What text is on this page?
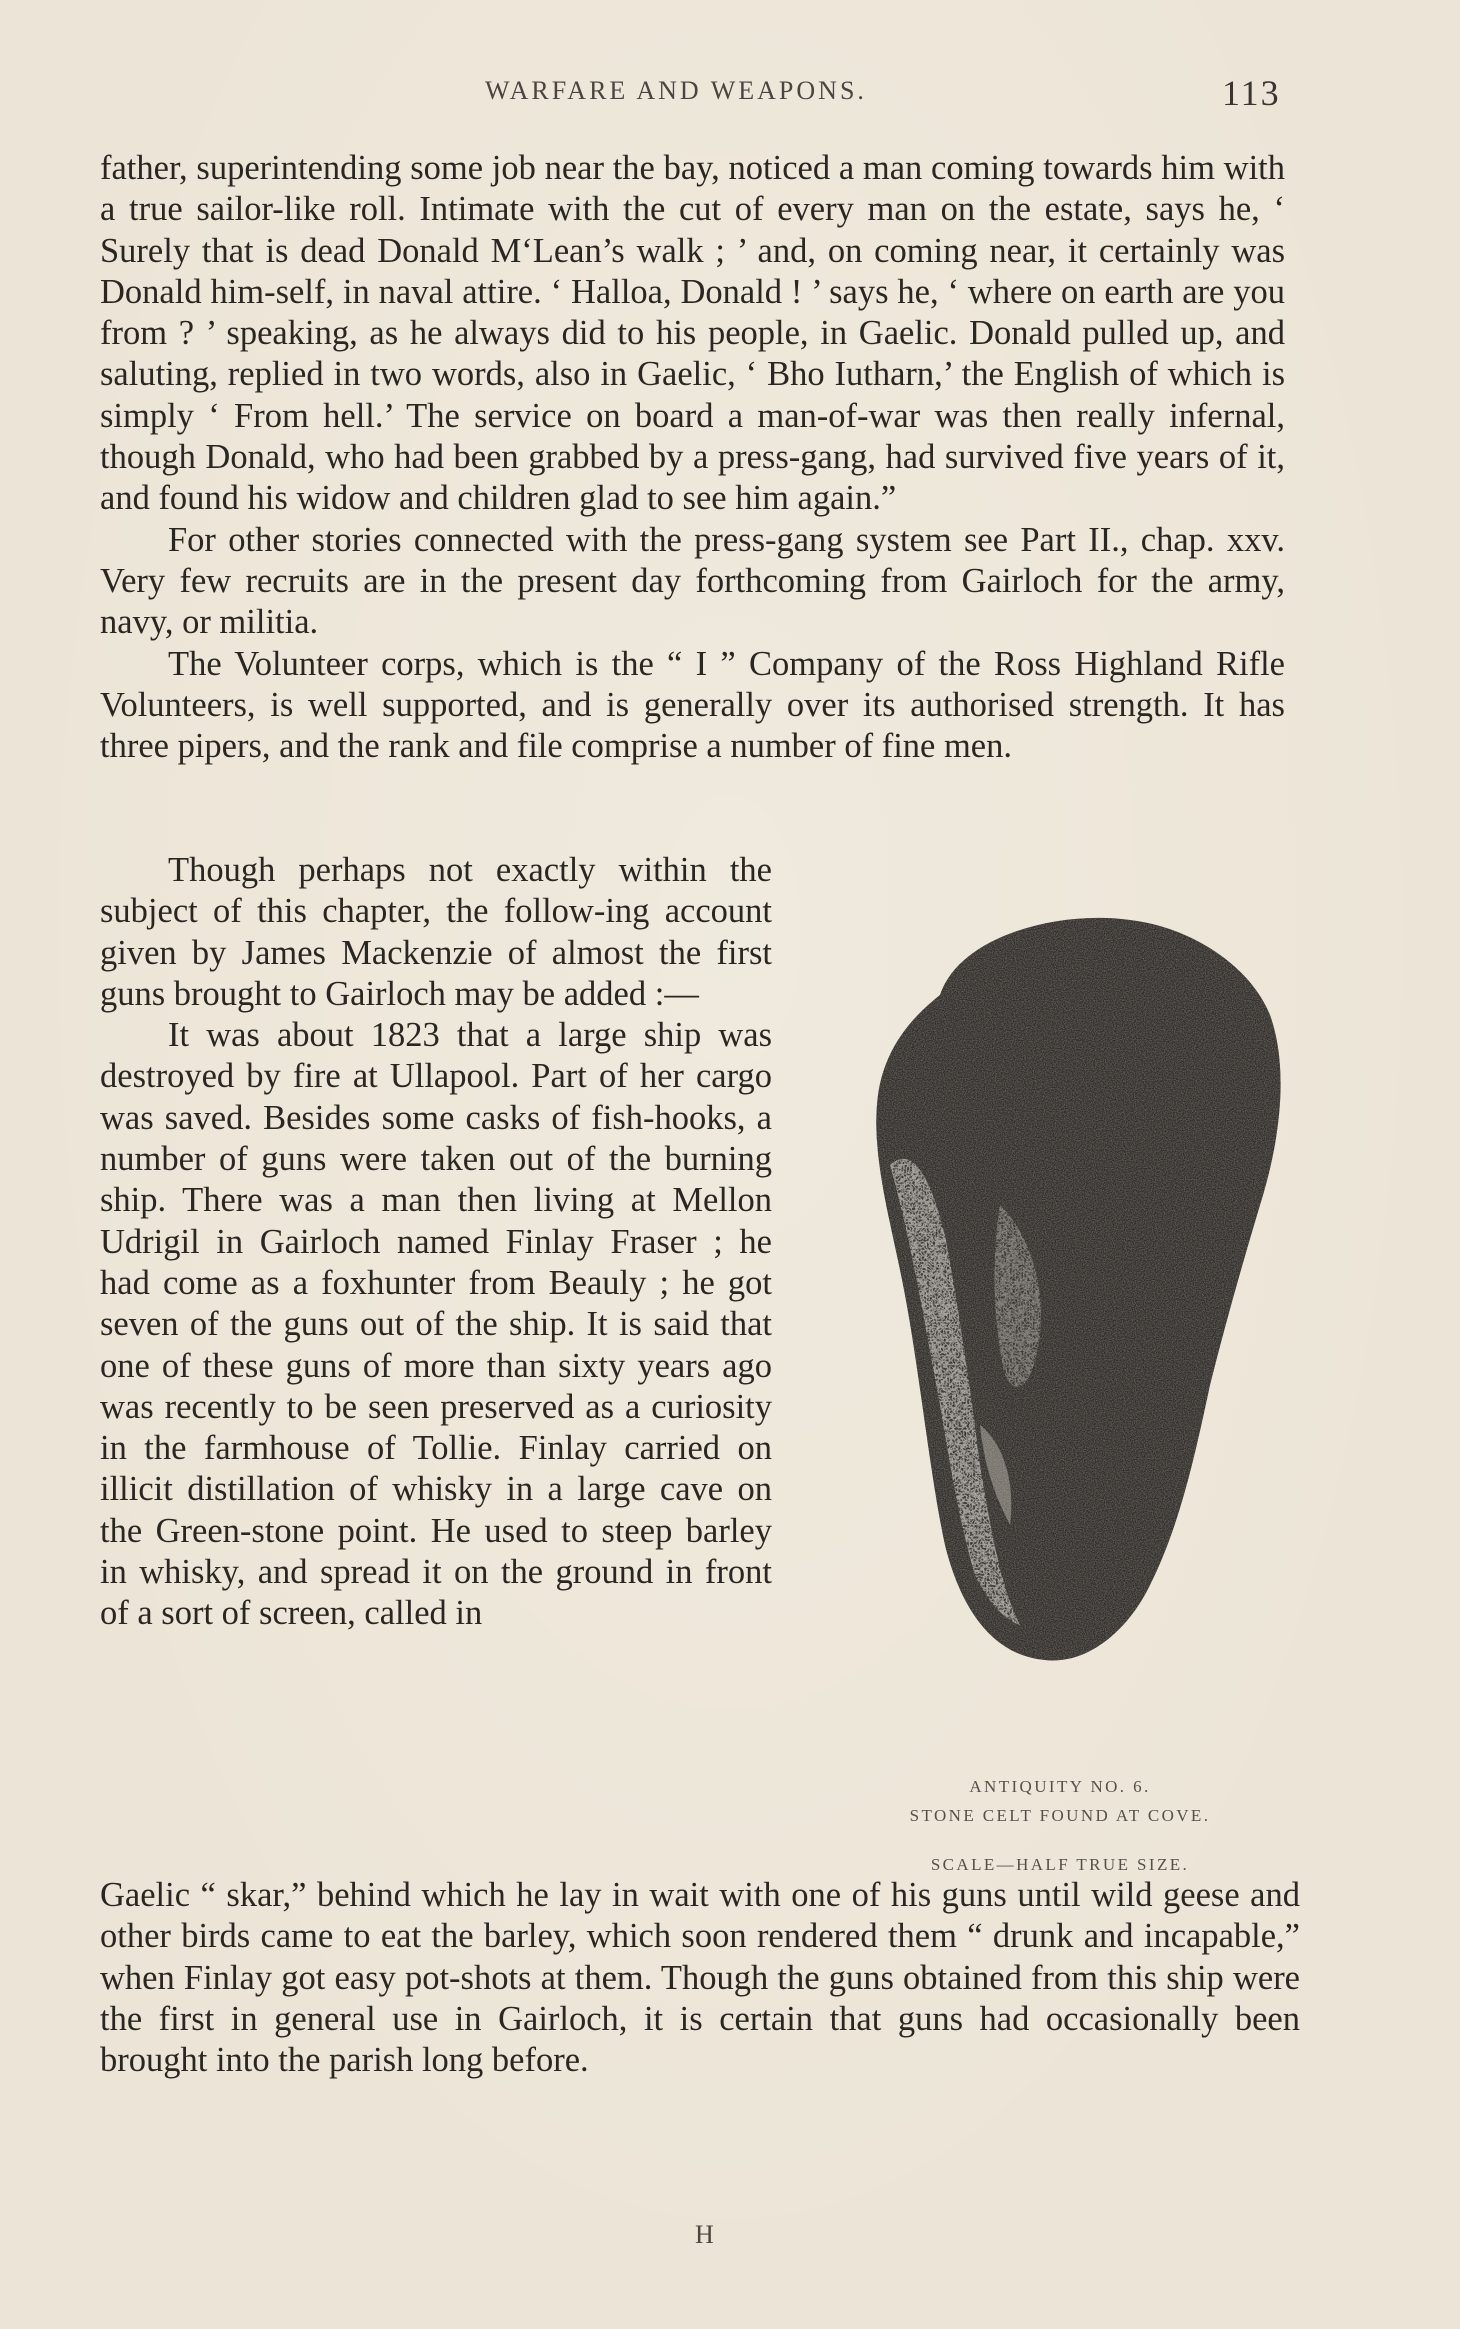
WARFARE AND WEAPONS.	113

father, superintending some job near the bay, noticed a man coming towards him with a true sailor-like roll. Intimate with the cut of every man on the estate, says he, ‘ Surely that is dead Donald M‘Lean’s walk ; ’ and, on coming near, it certainly was Donald him-self, in naval attire. ‘ Halloa, Donald ! ’ says he, ‘ where on earth are you from ? ’ speaking, as he always did to his people, in Gaelic. Donald pulled up, and saluting, replied in two words, also in Gaelic, ‘ Bho Iutharn,’ the English of which is simply ‘ From hell.’ The service on board a man-of-war was then really infernal, though Donald, who had been grabbed by a press-gang, had survived five years of it, and found his widow and children glad to see him again.”

For other stories connected with the press-gang system see Part II., chap. xxv. Very few recruits are in the present day forthcoming from Gairloch for the army, navy, or militia.

The Volunteer corps, which is the “ I ” Company of the Ross Highland Rifle Volunteers, is well supported, and is generally over its authorised strength. It has three pipers, and the rank and file comprise a number of fine men.

Though perhaps not exactly within the subject of this chapter, the follow-ing account given by James Mackenzie of almost the first guns brought to Gairloch may be added :—

It was about 1823 that a large ship was destroyed by fire at Ullapool. Part of her cargo was saved. Besides some casks of fish-hooks, a number of guns were taken out of the burning ship. There was a man then living at Mellon Udrigil in Gairloch named Finlay Fraser ; he had come as a foxhunter from Beauly ; he got seven of the guns out of the ship. It is said that one of these guns of more than sixty years ago was recently to be seen preserved as a curiosity in the farmhouse of Tollie. Finlay carried on illicit distillation of whisky in a large cave on the Green-stone point. He used to steep barley in whisky, and spread it on the ground in front of a sort of screen, called in

Gaelic “ skar,” behind which he lay in wait with one of his guns until wild geese and other birds came to eat the barley, which soon rendered them “ drunk and incapable,” when Finlay got easy pot-shots at them. Though the guns obtained from this ship were the first in general use in Gairloch, it is certain that guns had occasionally been brought into the parish long before.

ANTIQUITY NO. 6.
STONE CELT FOUND AT COVE.
SCALE—HALF TRUE SIZE.
H
